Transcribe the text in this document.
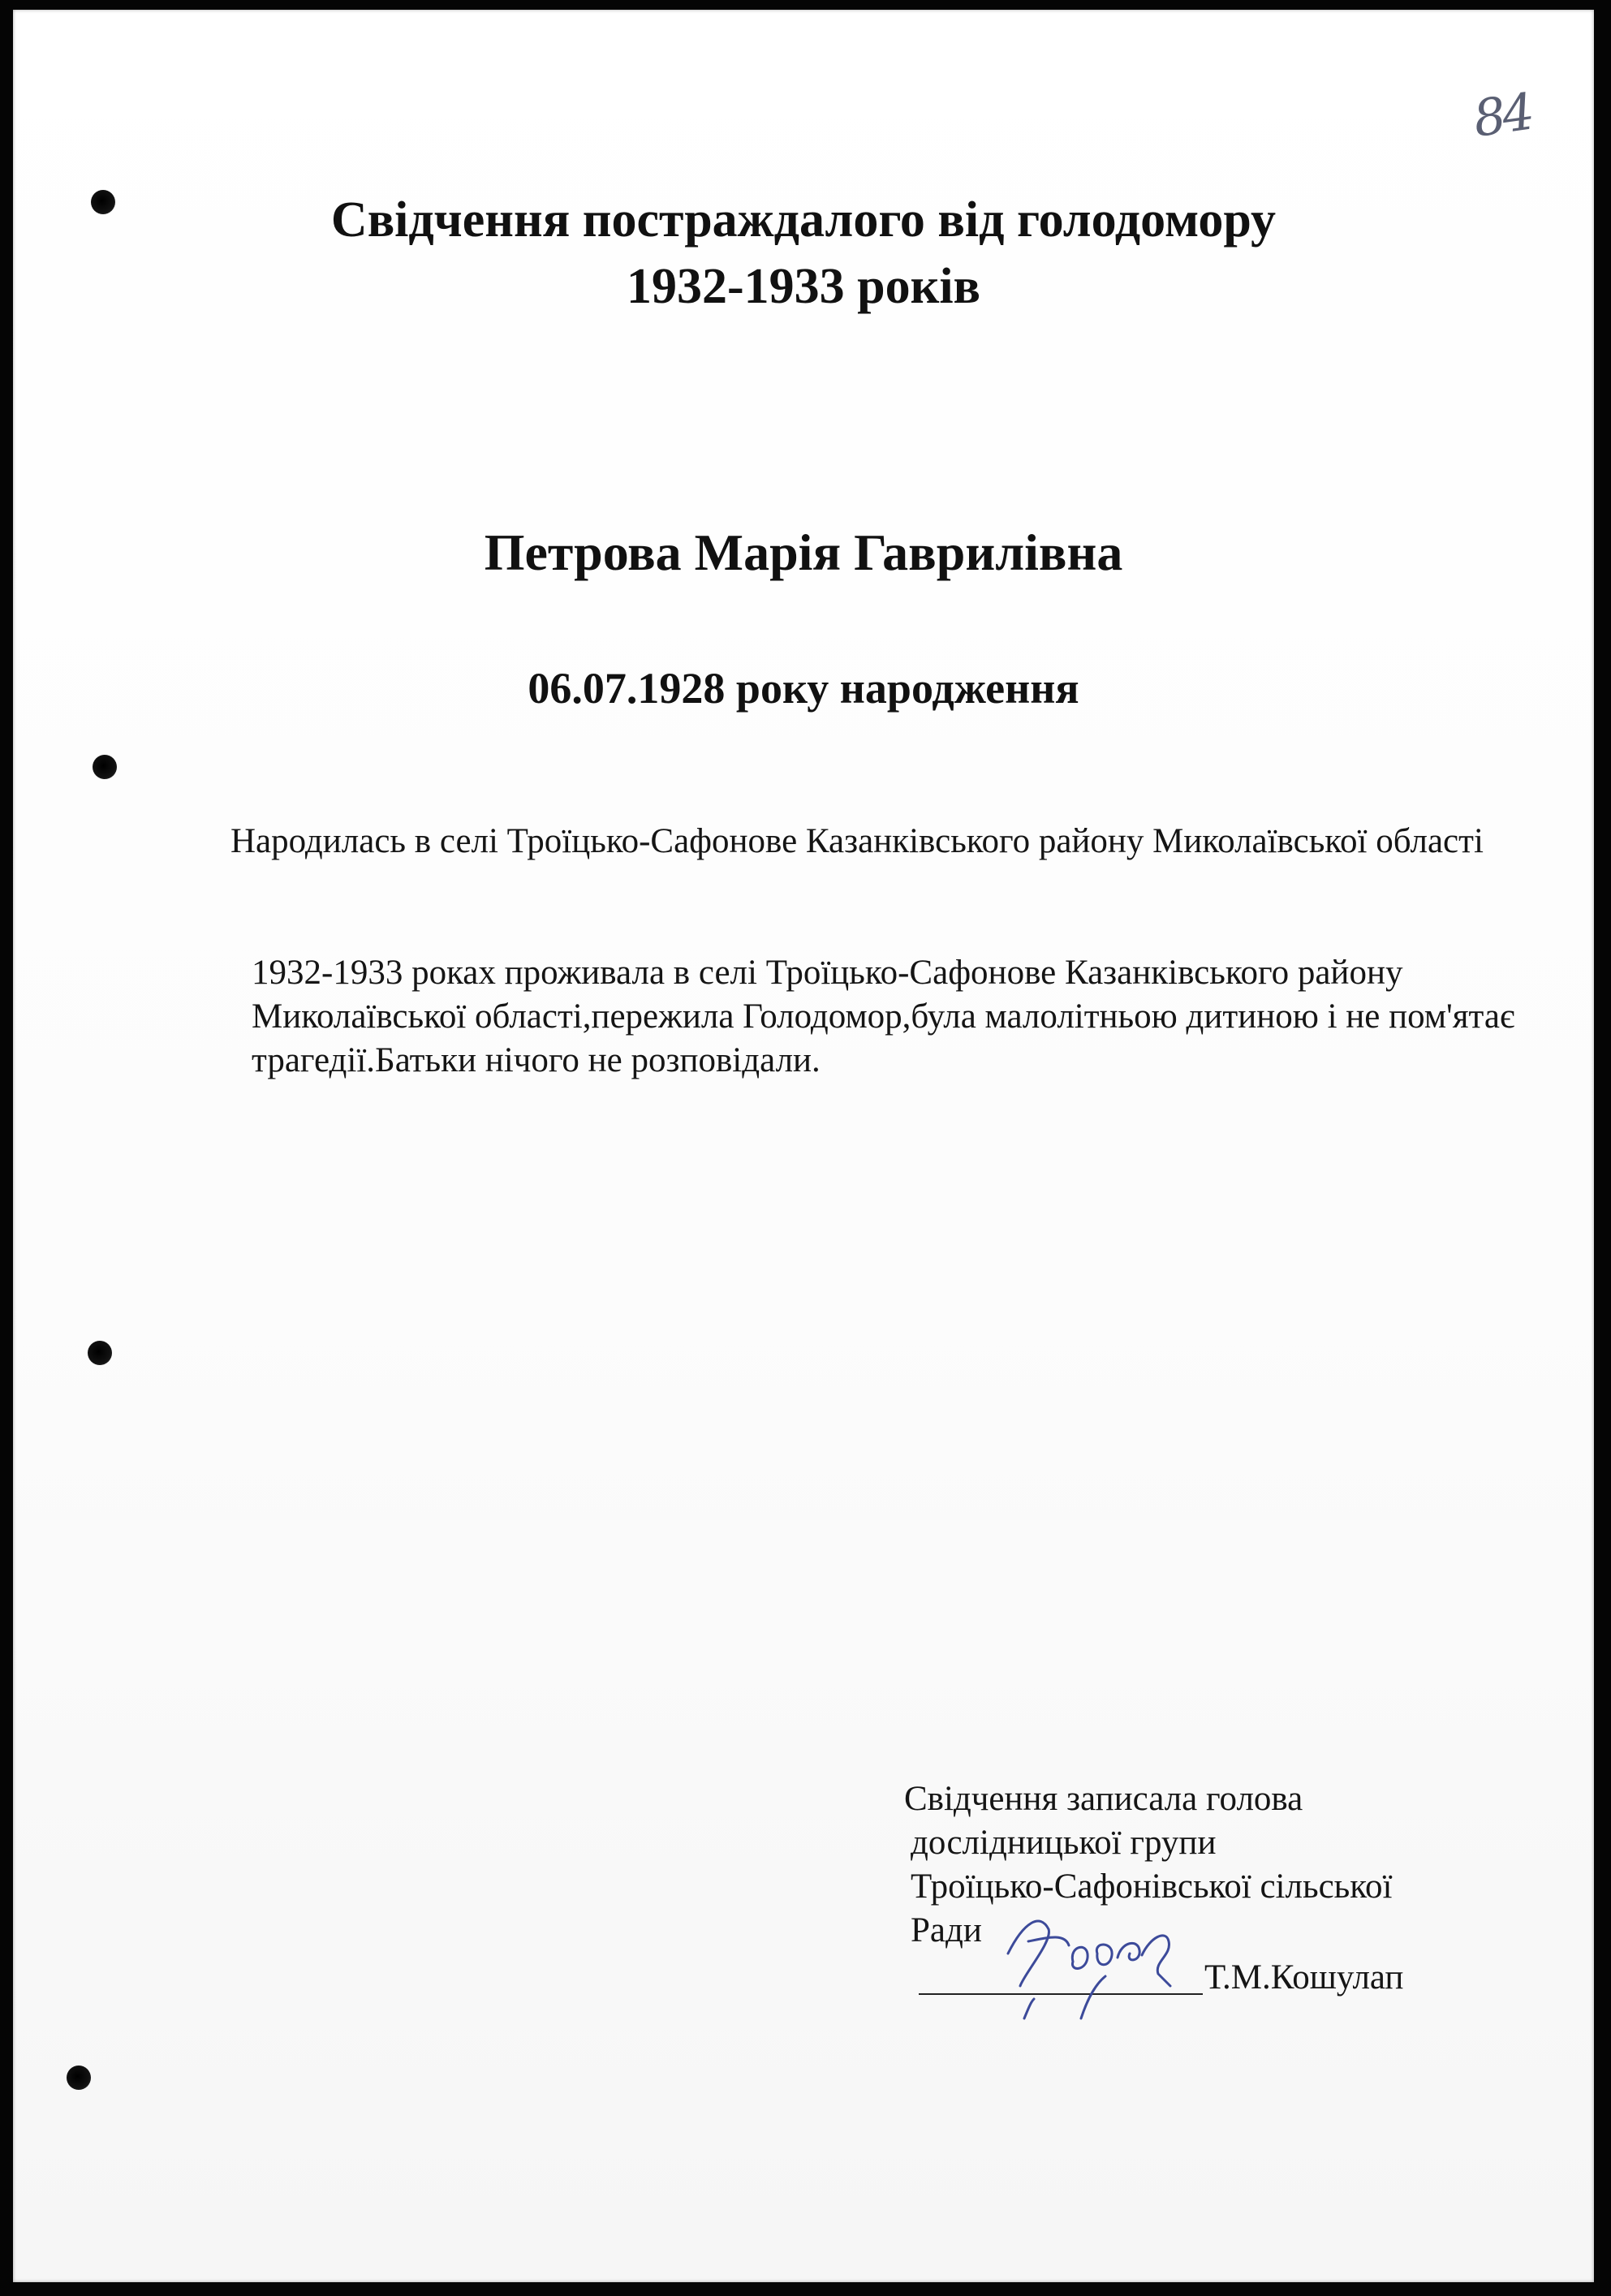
84
Свідчення постраждалого від голодомору
1932-1933 років
Петрова Марія Гаврилівна
06.07.1928 року народження
Народилась в селі Троїцько-Сафонове Казанківського району Миколаївської області
1932-1933 роках проживала в селі Троїцько-Сафонове Казанківського району Миколаївської області,пережила Голодомор,була малолітньою дитиною і не пом'ятає трагедії.Батьки нічого не розповідали.
Свідчення записала голова
дослідницької групи
Троїцько-Сафонівської сільської
Ради
Т.М.Кошулап
